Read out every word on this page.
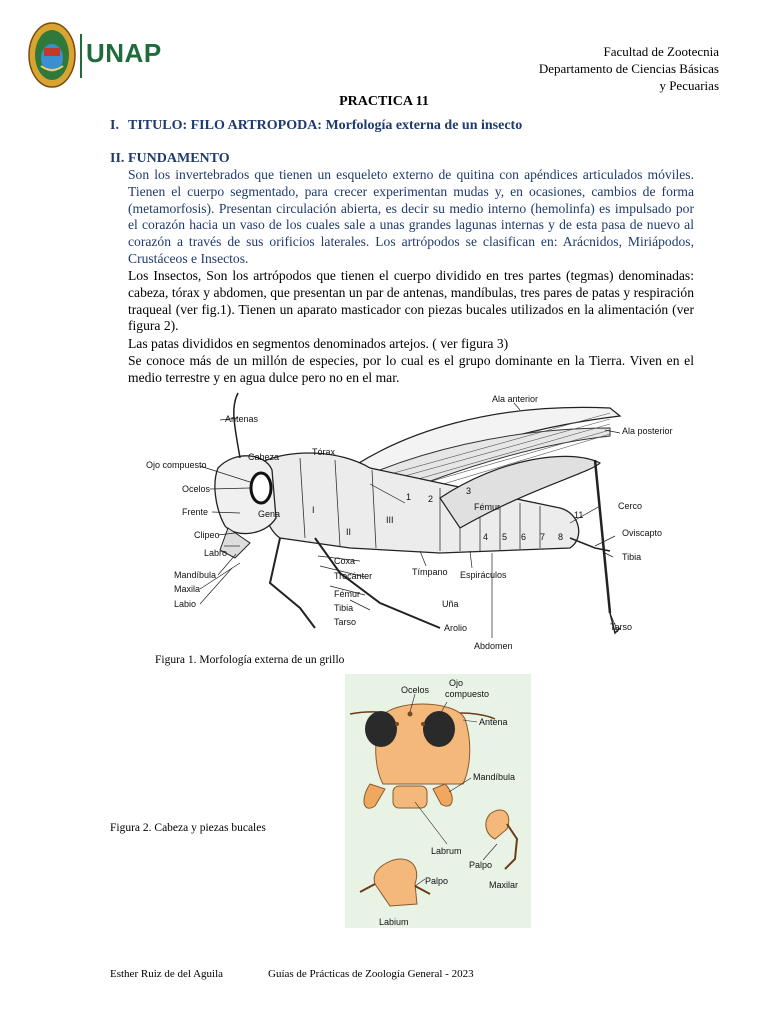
UNAP	Facultad de Zootecnia
Departamento de Ciencias Básicas
y Pecuarias
PRACTICA 11
I. TITULO: FILO ARTROPODA: Morfología externa de un insecto
II. FUNDAMENTO
Son los invertebrados que tienen un esqueleto externo de quitina con apéndices articulados móviles. Tienen el cuerpo segmentado, para crecer experimentan mudas y, en ocasiones, cambios de forma (metamorfosis). Presentan circulación abierta, es decir su medio interno (hemolinfa) es impulsado por el corazón hacia un vaso de los cuales sale a unas grandes lagunas internas y de esta pasa de nuevo al corazón a través de sus orificios laterales. Los artrópodos se clasifican en: Arácnidos, Miriápodos, Crustáceos e Insectos.
Los Insectos, Son los artrópodos que tienen el cuerpo dividido en tres partes (tegmas) denominadas: cabeza, tórax y abdomen, que presentan un par de antenas, mandíbulas, tres pares de patas y respiración traqueal (ver fig.1). Tienen un aparato masticador con piezas bucales utilizados en la alimentación (ver figura 2).
Las patas divididos en segmentos denominados artejos. ( ver figura 3)
Se conoce más de un millón de especies, por lo cual es el grupo dominante en la Tierra. Viven en el medio terrestre y en agua dulce pero no en el mar.
Antenas
Cabeza	Tórax
Ala anterior
Ala posterior
Ojo compuesto
Ocelos
Frente	Gena
Clipeo
Labro
Mandíbula
Maxila
Labio
Coxa
Trocánter
Fémur
Tibia
Tarso
Uña
Arolio
Tímpano Espiráculos
Abdomen
Fémur	Cerco
Oviscapto
Tibia
Tarso
I
II
III
1 2
3
4 5 6 7 8
11
Figura 1. Morfología externa de un grillo
Ocelos
Ojo
compuesto
Antena
Mandíbula
Labrum
Palpo
Maxilar
Palpo
Labium
Figura 2. Cabeza y piezas bucales
Esther Ruiz de del Aguila	Guías de Prácticas de Zoología General - 2023
